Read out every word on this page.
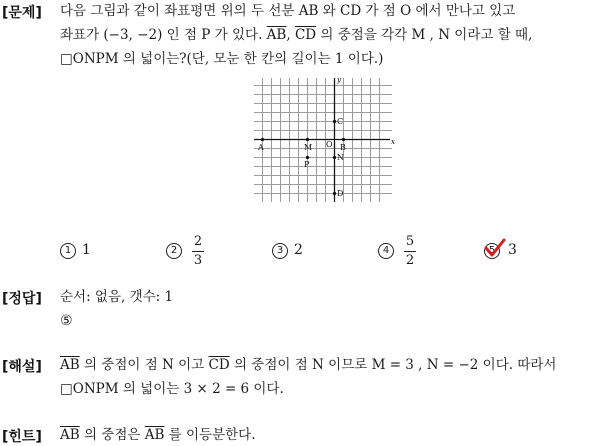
[문제] 다음 그림과 같이 좌표평면 위의 두 선분 AB 와 CD 가 점 O 에서 만나고 있고
좌표가 (−3, −2) 인 점 P 가 있다. $\overline{AB}$, $\overline{CD}$ 의 중점을 각각 M , N 이라고 할 때,
□ONPM 의 넓이는?(단, 모눈 한 칸의 길이는 1 이다.)
x
y
A	M O B
C
N
P
D
1 1	2
2
3
3 2	4
5
2
5 3
[정답] 순서: 없음, 갯수: 1
⑤
[해설] $\overline{AB}$ 의 중점이 점 N 이고 $\overline{CD}$ 의 중점이 점 N 이므로 M = 3 , N = −2 이다. 따라서
□ONPM 의 넓이는 3 × 2 = 6 이다.
[힌트] $\overline{AB}$ 의 중점은 $\overline{AB}$ 를 이등분한다.
